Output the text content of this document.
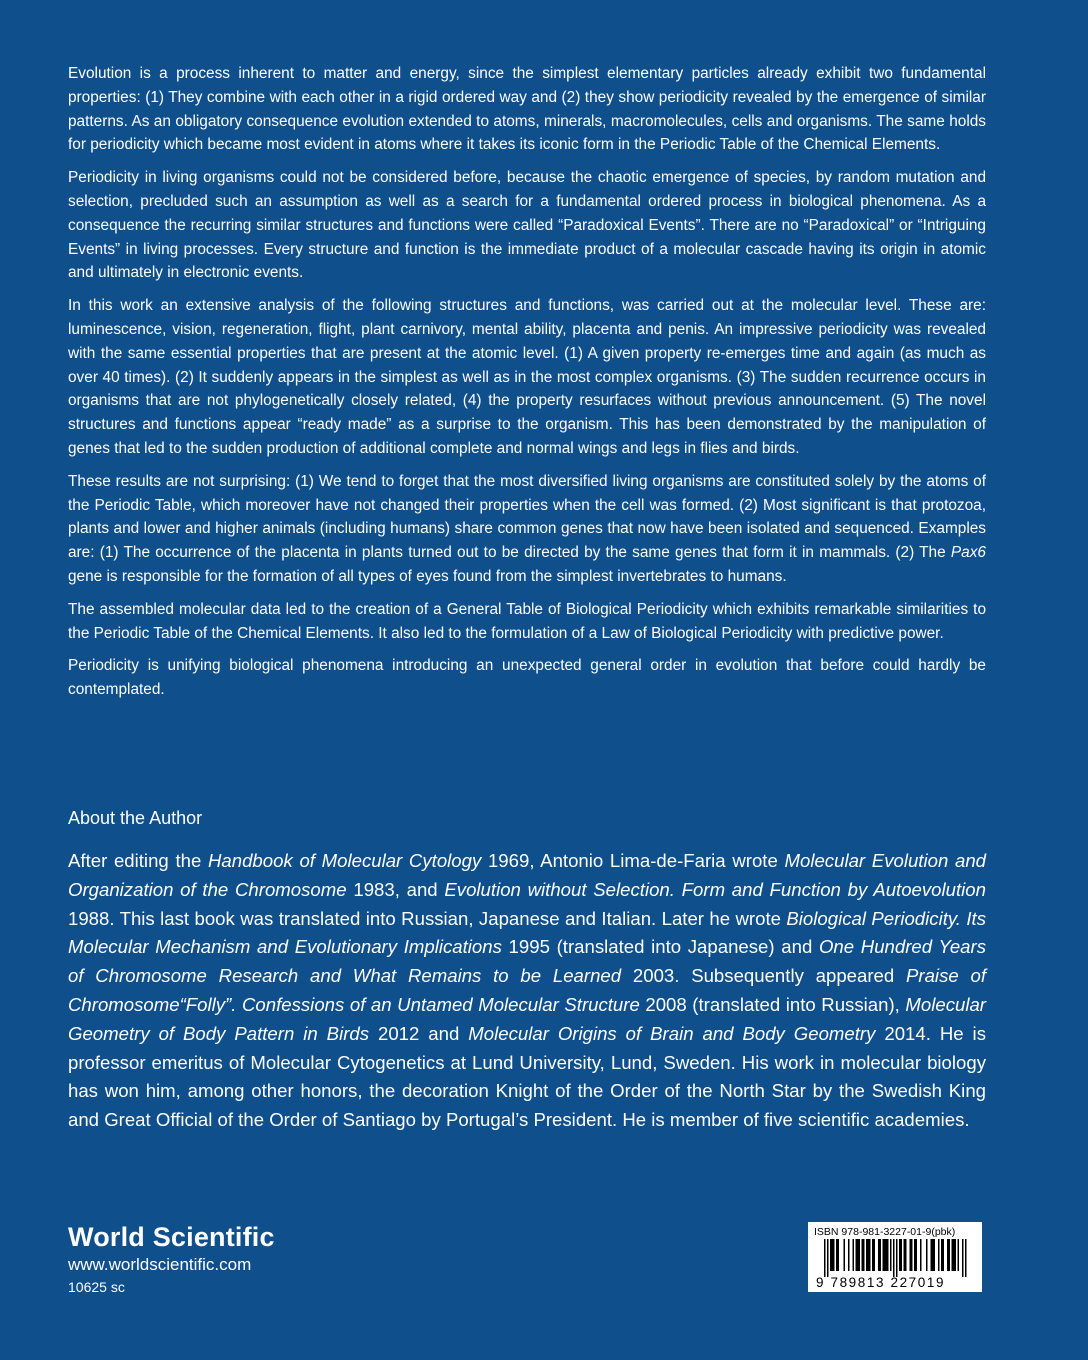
Evolution is a process inherent to matter and energy, since the simplest elementary particles already exhibit two fundamental properties: (1) They combine with each other in a rigid ordered way and (2) they show periodicity revealed by the emergence of similar patterns. As an obligatory consequence evolution extended to atoms, minerals, macromolecules, cells and organisms. The same holds for periodicity which became most evident in atoms where it takes its iconic form in the Periodic Table of the Chemical Elements.

Periodicity in living organisms could not be considered before, because the chaotic emergence of species, by random mutation and selection, precluded such an assumption as well as a search for a fundamental ordered process in biological phenomena. As a consequence the recurring similar structures and functions were called “Paradoxical Events”. There are no “Paradoxical” or “Intriguing Events” in living processes. Every structure and function is the immediate product of a molecular cascade having its origin in atomic and ultimately in electronic events.

In this work an extensive analysis of the following structures and functions, was carried out at the molecular level. These are: luminescence, vision, regeneration, flight, plant carnivory, mental ability, placenta and penis. An impressive periodicity was revealed with the same essential properties that are present at the atomic level. (1) A given property re-emerges time and again (as much as over 40 times). (2) It suddenly appears in the simplest as well as in the most complex organisms. (3) The sudden recurrence occurs in organisms that are not phylogenetically closely related, (4) the property resurfaces without previous announcement. (5) The novel structures and functions appear “ready made” as a surprise to the organism. This has been demonstrated by the manipulation of genes that led to the sudden production of additional complete and normal wings and legs in flies and birds.

These results are not surprising: (1) We tend to forget that the most diversified living organisms are constituted solely by the atoms of the Periodic Table, which moreover have not changed their properties when the cell was formed. (2) Most significant is that protozoa, plants and lower and higher animals (including humans) share common genes that now have been isolated and sequenced. Examples are: (1) The occurrence of the placenta in plants turned out to be directed by the same genes that form it in mammals. (2) The Pax6 gene is responsible for the formation of all types of eyes found from the simplest invertebrates to humans.

The assembled molecular data led to the creation of a General Table of Biological Periodicity which exhibits remarkable similarities to the Periodic Table of the Chemical Elements. It also led to the formulation of a Law of Biological Periodicity with predictive power.

Periodicity is unifying biological phenomena introducing an unexpected general order in evolution that before could hardly be contemplated.

About the Author

After editing the Handbook of Molecular Cytology 1969, Antonio Lima-de-Faria wrote Molecular Evolution and Organization of the Chromosome 1983, and Evolution without Selection. Form and Function by Autoevolution 1988. This last book was translated into Russian, Japanese and Italian. Later he wrote Biological Periodicity. Its Molecular Mechanism and Evolutionary Implications 1995 (translated into Japanese) and One Hundred Years of Chromosome Research and What Remains to be Learned 2003. Subsequently appeared Praise of Chromosome“Folly”. Confessions of an Untamed Molecular Structure 2008 (translated into Russian), Molecular Geometry of Body Pattern in Birds 2012 and Molecular Origins of Brain and Body Geometry 2014. He is professor emeritus of Molecular Cytogenetics at Lund University, Lund, Sweden. His work in molecular biology has won him, among other honors, the decoration Knight of the Order of the North Star by the Swedish King and Great Official of the Order of Santiago by Portugal’s President. He is member of five scientific academies.

World Scientific
www.worldscientific.com
10625 sc
ISBN 978-981-3227-01-9(pbk)
9 789813 227019
